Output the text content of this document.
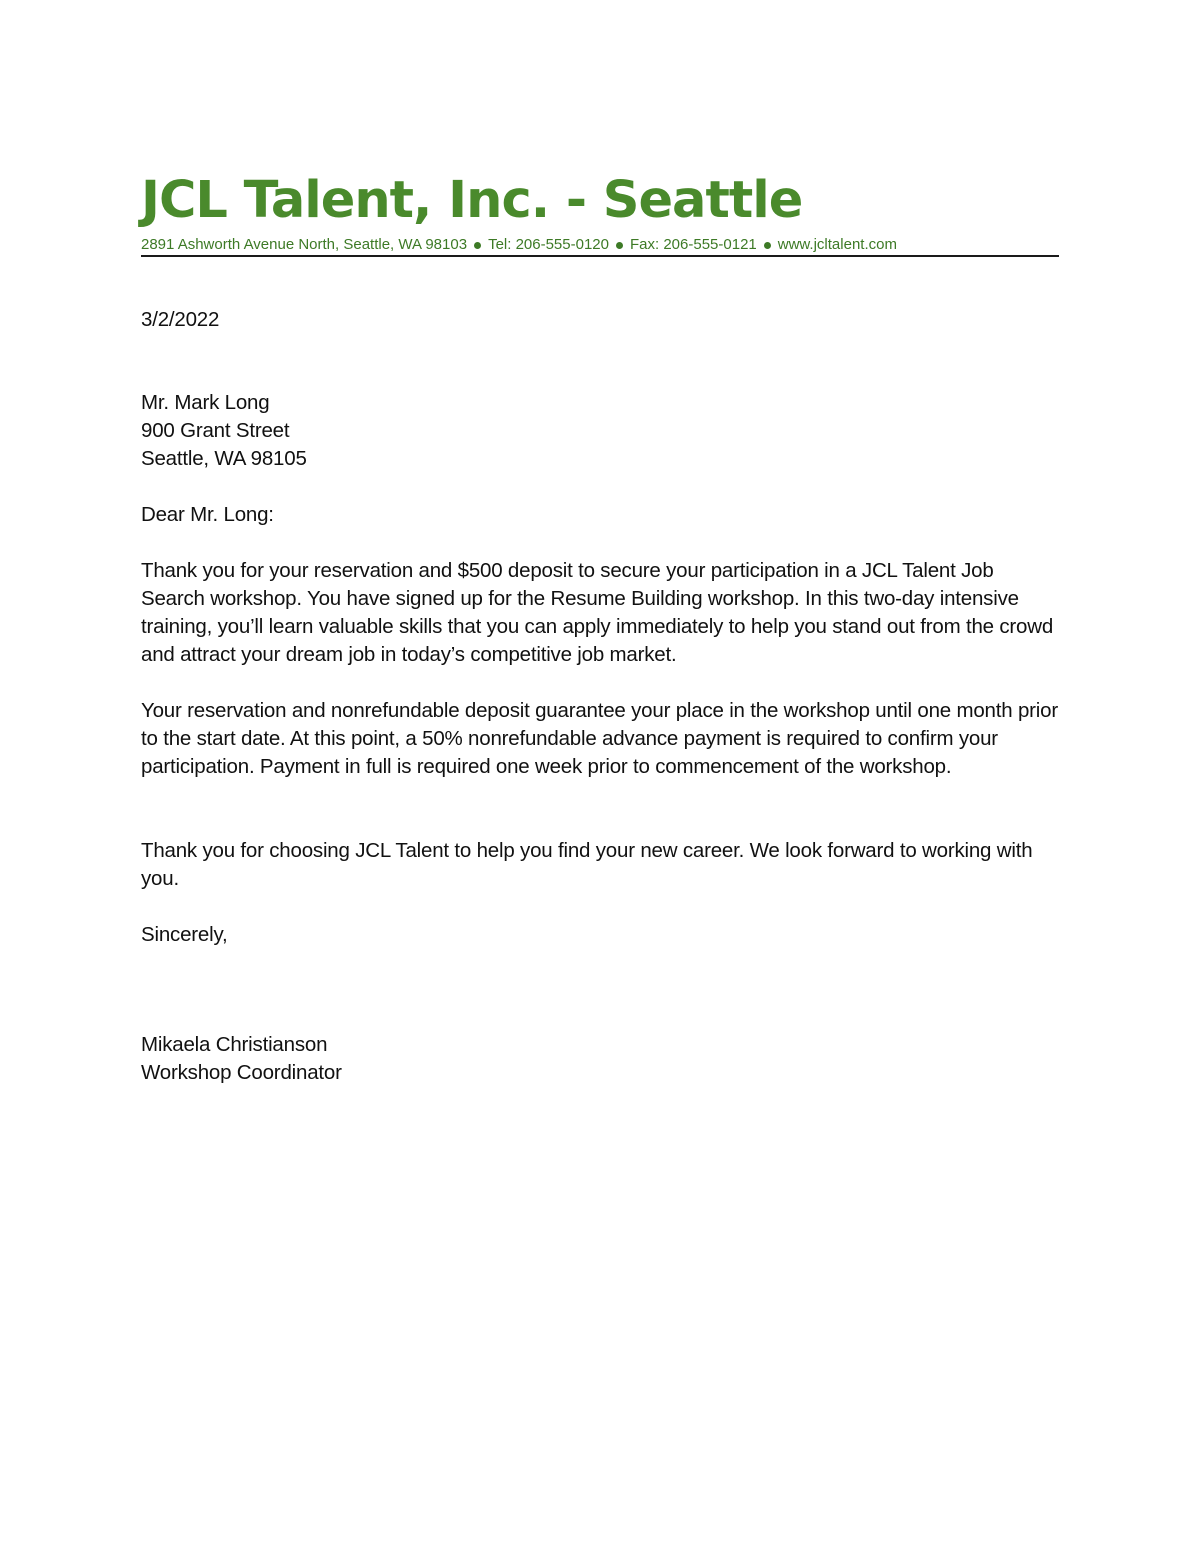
JCL Talent, Inc. - Seattle
2891 Ashworth Avenue North, Seattle, WA 98103 Tel: 206-555-0120 Fax: 206-555-0121 www.jcltalent.com

3/2/2022

Mr. Mark Long

900 Grant Street

Seattle, WA 98105

Dear Mr. Long:

Thank you for your reservation and $500 deposit to secure your participation in a JCL Talent Job Search workshop. You have signed up for the Resume Building workshop. In this two-day intensive training, you’ll learn valuable skills that you can apply immediately to help you stand out from the crowd and attract your dream job in today’s competitive job market.

Your reservation and nonrefundable deposit guarantee your place in the workshop until one month prior to the start date. At this point, a 50% nonrefundable advance payment is required to confirm your participation. Payment in full is required one week prior to commencement of the workshop.

Thank you for choosing JCL Talent to help you find your new career. We look forward to working with you.

Sincerely,

Mikaela Christianson

Workshop Coordinator
